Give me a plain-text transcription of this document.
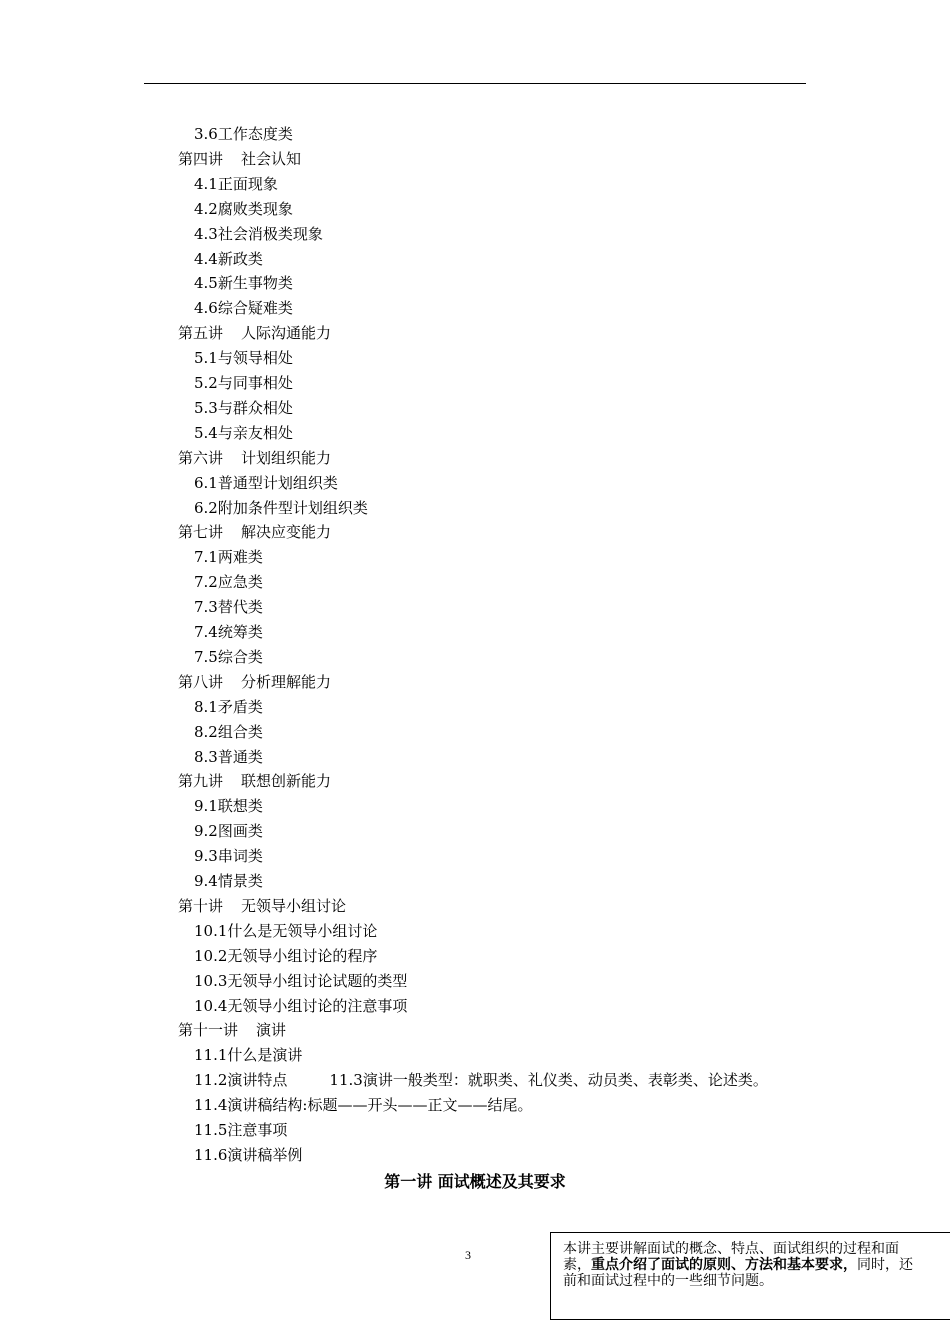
3.6工作态度类
第四讲 社会认知
4.1正面现象
4.2腐败类现象
4.3社会消极类现象
4.4新政类
4.5新生事物类
4.6综合疑难类
第五讲 人际沟通能力
5.1与领导相处
5.2与同事相处
5.3与群众相处
5.4与亲友相处
第六讲 计划组织能力
6.1普通型计划组织类
6.2附加条件型计划组织类
第七讲 解决应变能力
7.1两难类
7.2应急类
7.3替代类
7.4统筹类
7.5综合类
第八讲 分析理解能力
8.1矛盾类
8.2组合类
8.3普通类
第九讲 联想创新能力
9.1联想类
9.2图画类
9.3串词类
9.4情景类
第十讲 无领导小组讨论
10.1什么是无领导小组讨论
10.2无领导小组讨论的程序
10.3无领导小组讨论试题的类型
10.4无领导小组讨论的注意事项
第十一讲 演讲
11.1什么是演讲
11.2演讲特点	11.3演讲一般类型：就职类、礼仪类、动员类、表彰类、论述类。
11.4演讲稿结构:标题——开头——正文——结尾。
11.5注意事项
11.6演讲稿举例
第一讲 面试概述及其要求
3	本讲主要讲解面试的概念、特点、面试组织的过程和面

素，重点介绍了面试的原则、方法和基本要求，同时，还

前和面试过程中的一些细节问题。
